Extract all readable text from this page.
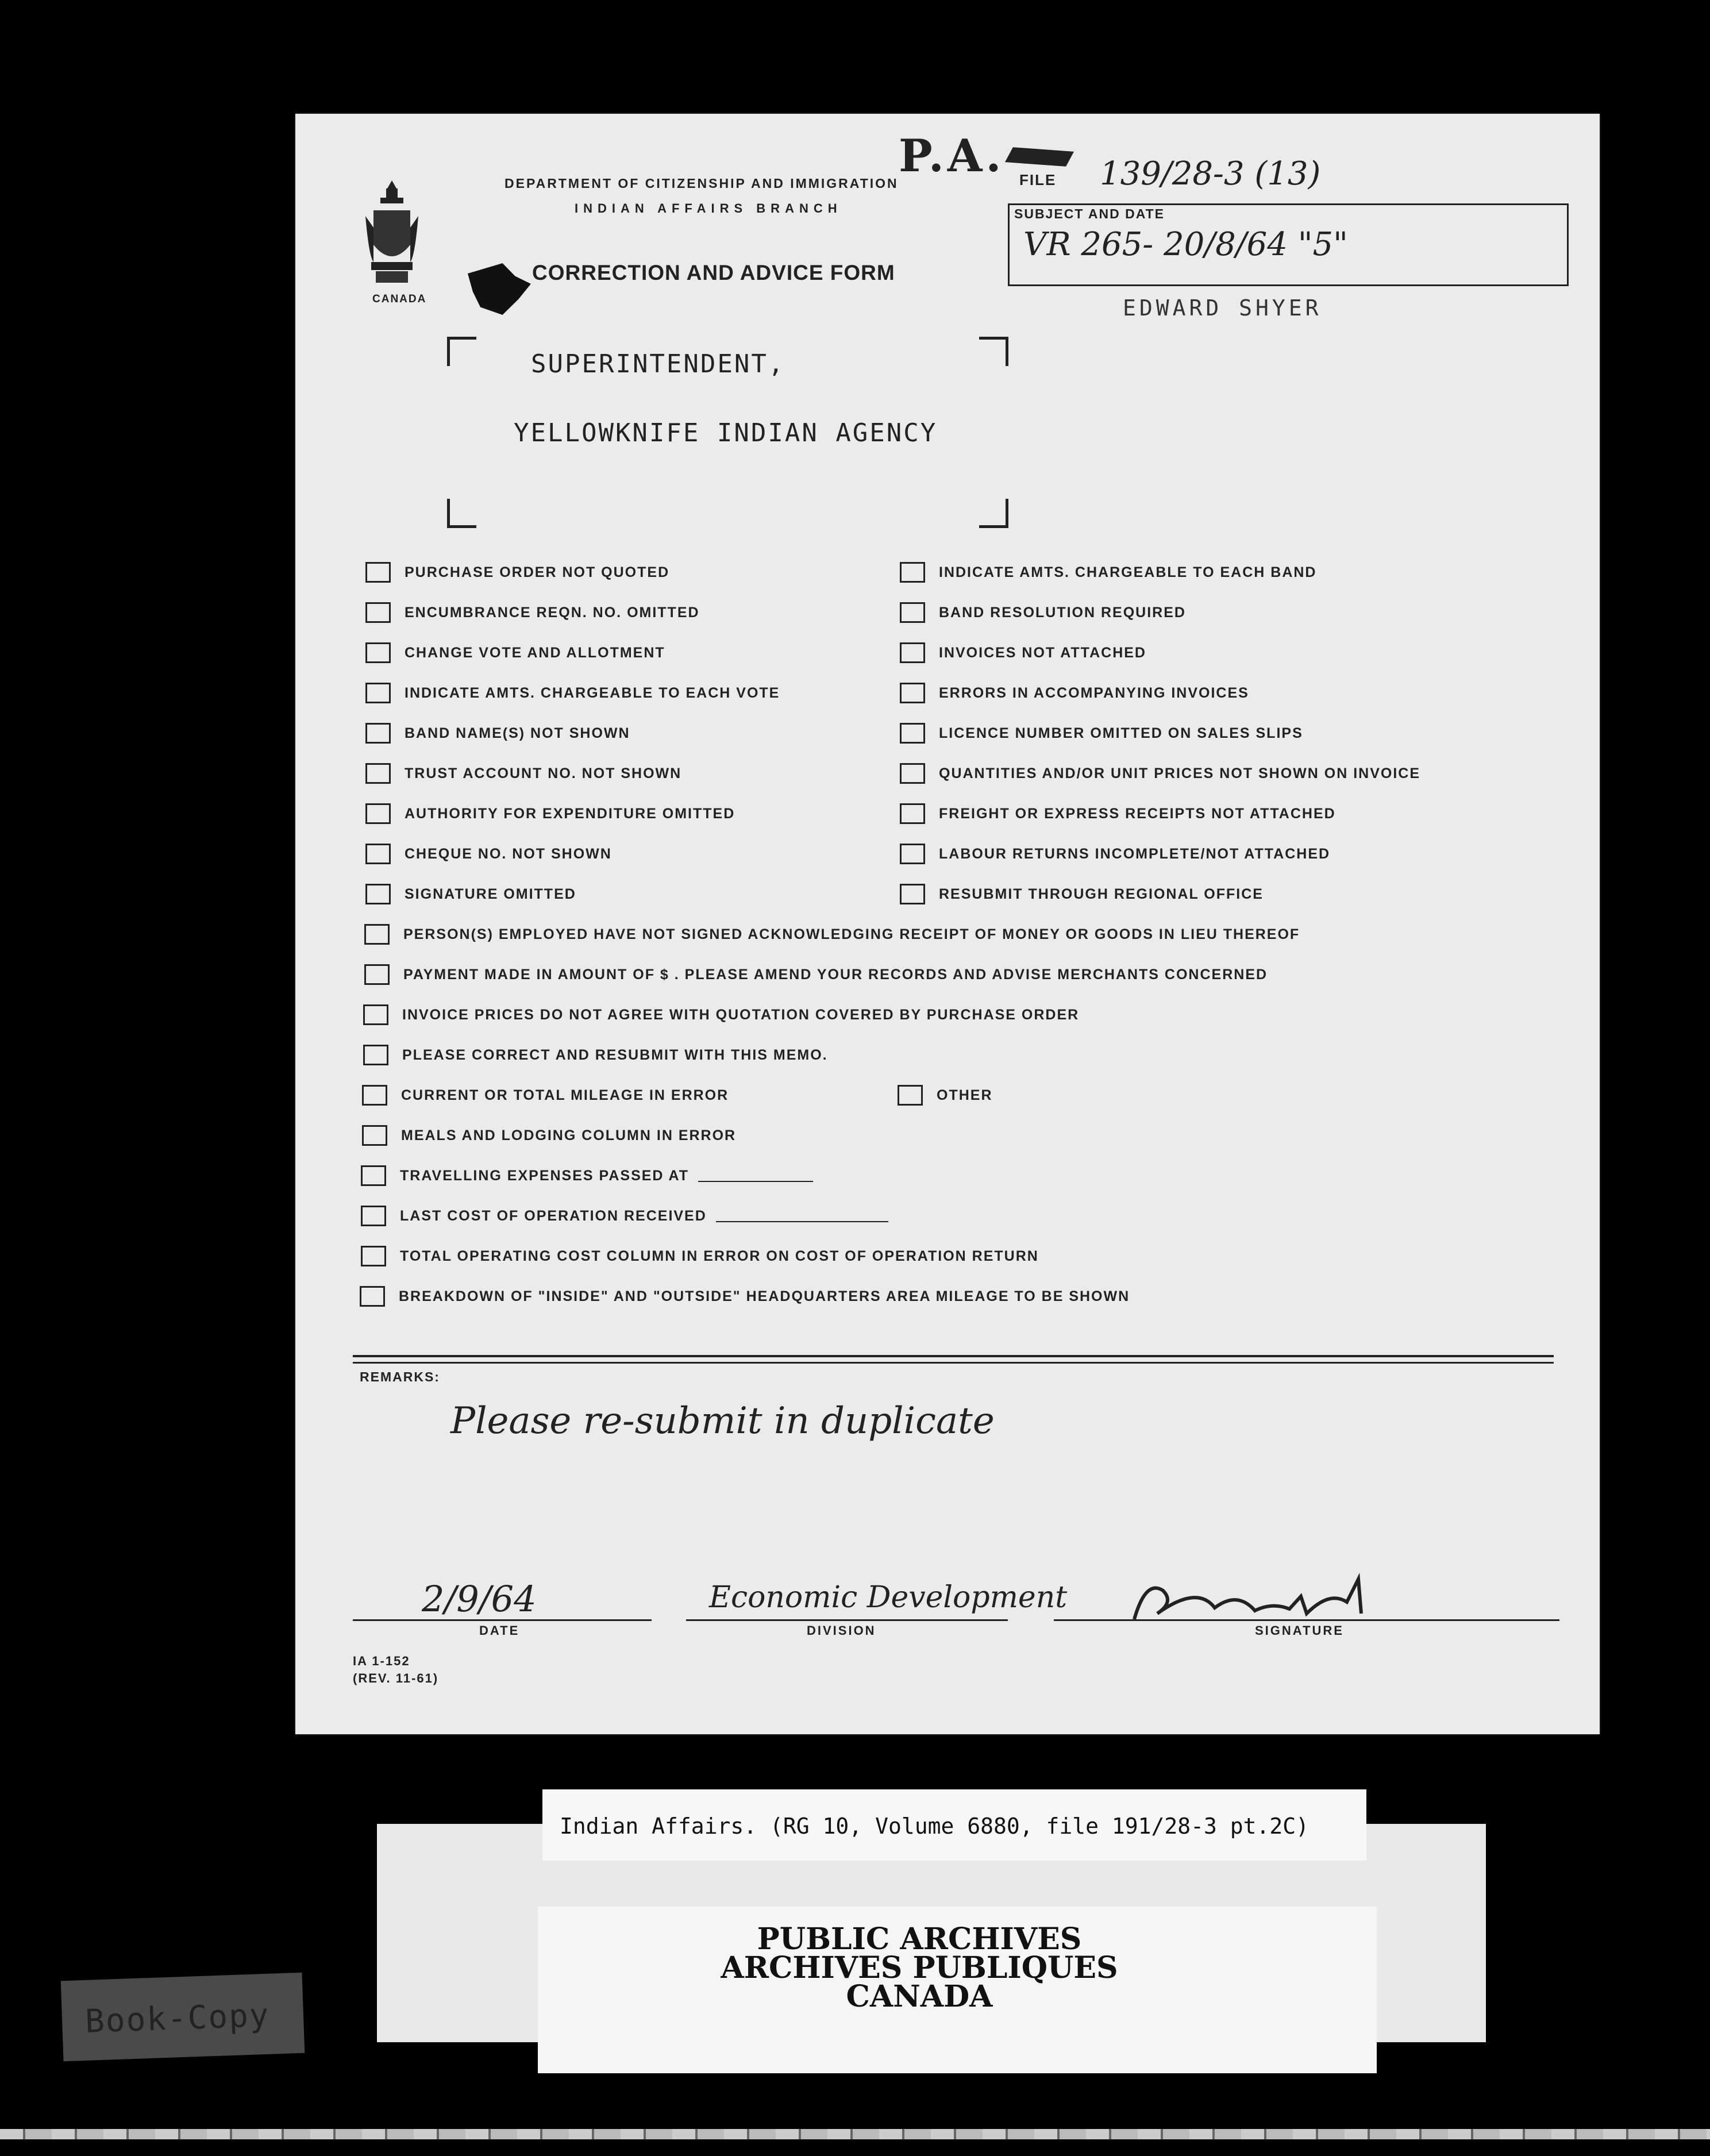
P.A. FILE 139/28-3 (13)
CANADA
DEPARTMENT OF CITIZENSHIP AND IMMIGRATION
INDIAN AFFAIRS BRANCH
CORRECTION AND ADVICE FORM
SUBJECT AND DATE
VR 265- 20/8/64 "5"
EDWARD SHYER
SUPERINTENDENT,
YELLOWKNIFE INDIAN AGENCY
PURCHASE ORDER NOT QUOTED
ENCUMBRANCE REQN. NO. OMITTED
CHANGE VOTE AND ALLOTMENT
INDICATE AMTS. CHARGEABLE TO EACH VOTE
BAND NAME(S) NOT SHOWN
TRUST ACCOUNT NO. NOT SHOWN
AUTHORITY FOR EXPENDITURE OMITTED
CHEQUE NO. NOT SHOWN
SIGNATURE OMITTED
INDICATE AMTS. CHARGEABLE TO EACH BAND
BAND RESOLUTION REQUIRED
INVOICES NOT ATTACHED
ERRORS IN ACCOMPANYING INVOICES
LICENCE NUMBER OMITTED ON SALES SLIPS
QUANTITIES AND/OR UNIT PRICES NOT SHOWN ON INVOICE
FREIGHT OR EXPRESS RECEIPTS NOT ATTACHED
LABOUR RETURNS INCOMPLETE/NOT ATTACHED
RESUBMIT THROUGH REGIONAL OFFICE
PERSON(S) EMPLOYED HAVE NOT SIGNED ACKNOWLEDGING RECEIPT OF MONEY OR GOODS IN LIEU THEREOF
PAYMENT MADE IN AMOUNT OF $ . PLEASE AMEND YOUR RECORDS AND ADVISE MERCHANTS CONCERNED
INVOICE PRICES DO NOT AGREE WITH QUOTATION COVERED BY PURCHASE ORDER
PLEASE CORRECT AND RESUBMIT WITH THIS MEMO.
CURRENT OR TOTAL MILEAGE IN ERROR	OTHER
MEALS AND LODGING COLUMN IN ERROR
TRAVELLING EXPENSES PASSED AT
LAST COST OF OPERATION RECEIVED
TOTAL OPERATING COST COLUMN IN ERROR ON COST OF OPERATION RETURN
BREAKDOWN OF "INSIDE" AND "OUTSIDE" HEADQUARTERS AREA MILEAGE TO BE SHOWN
REMARKS:
Please re-submit in duplicate
2/9/64
DATE
Economic Development
DIVISION	SIGNATURE
IA 1-152
(REV. 11-61)
Indian Affairs. (RG 10, Volume 6880, file 191/28-3 pt.2C)
PUBLIC ARCHIVES
ARCHIVES PUBLIQUES
CANADA
Book-Copy
